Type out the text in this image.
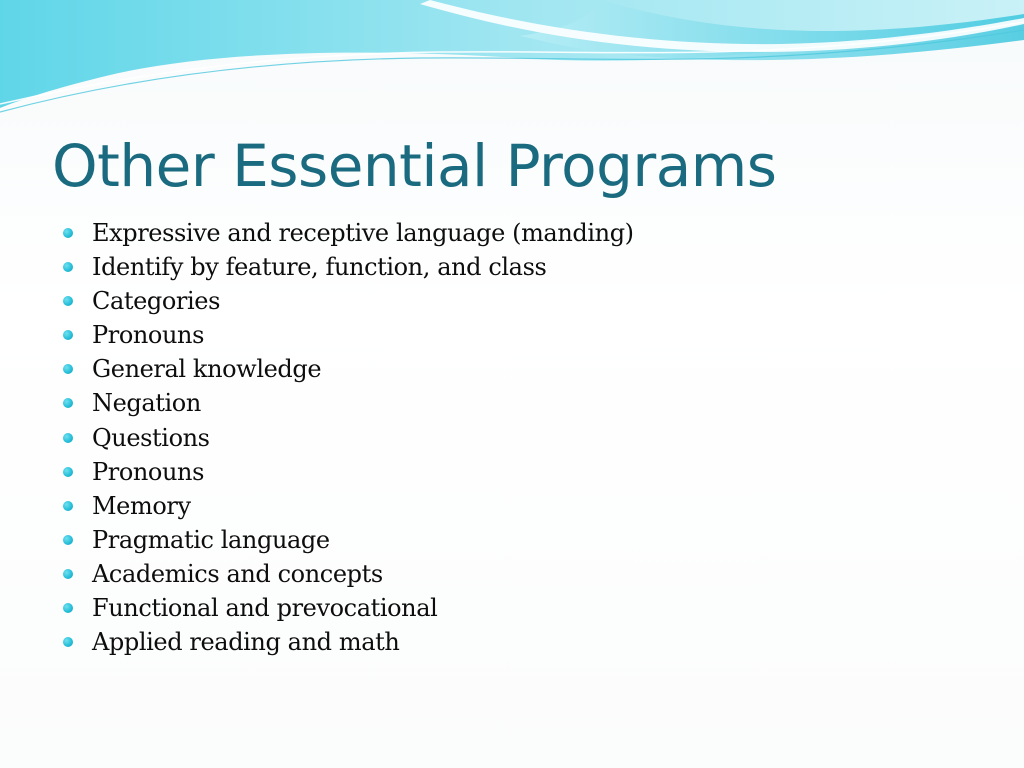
Other Essential Programs
Expressive and receptive language (manding)
Identify by feature, function, and class
Categories
Pronouns
General knowledge
Negation
Questions
Pronouns
Memory
Pragmatic language
Academics and concepts
Functional and prevocational
Applied reading and math
